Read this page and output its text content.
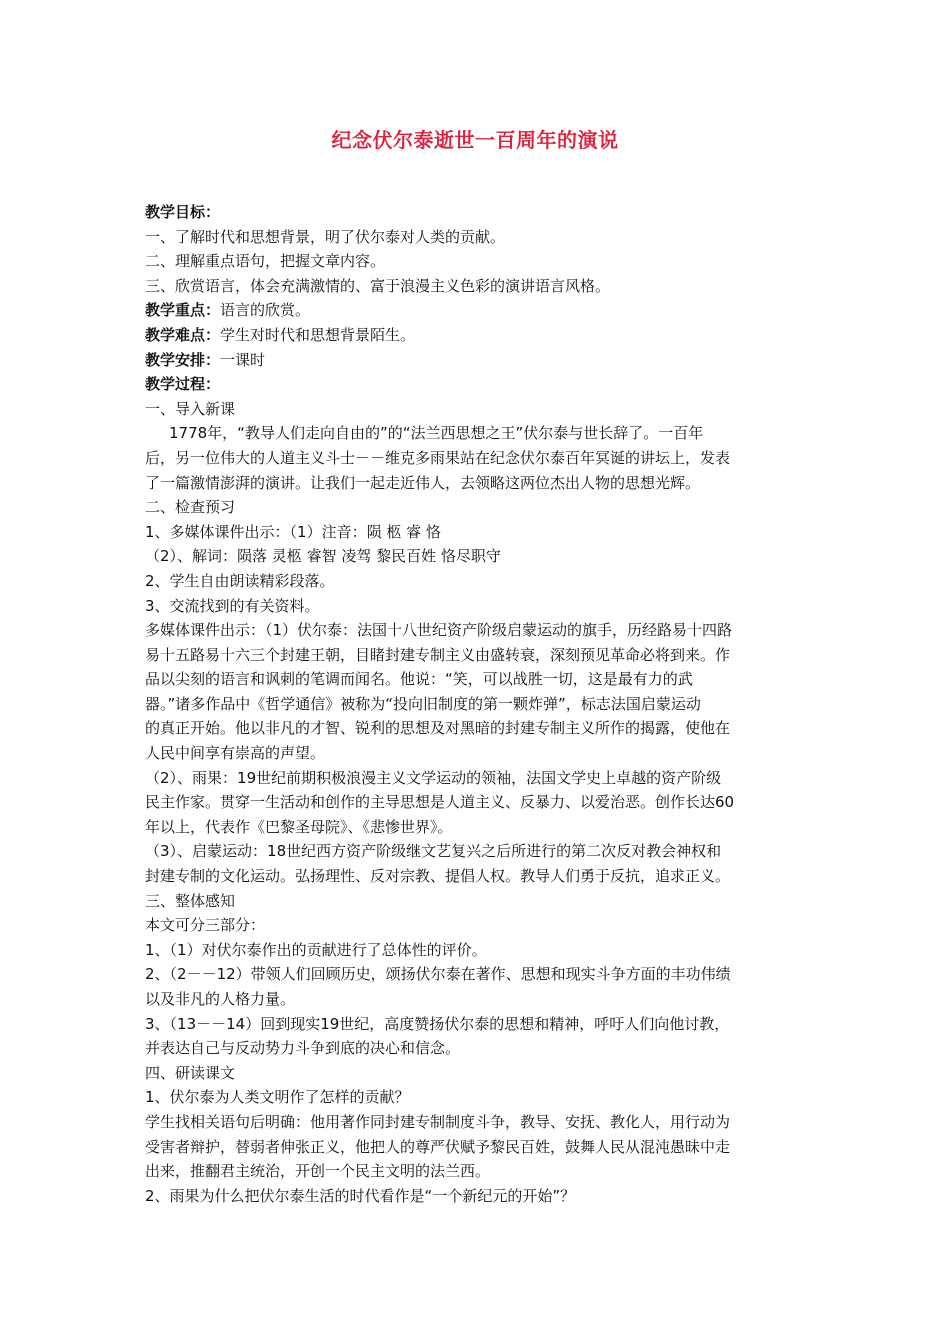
纪念伏尔泰逝世一百周年的演说

教学目标：

一、了解时代和思想背景，明了伏尔泰对人类的贡献。

二、理解重点语句，把握文章内容。

三、欣赏语言，体会充满激情的、富于浪漫主义色彩的演讲语言风格。

教学重点：语言的欣赏。

教学难点：学生对时代和思想背景陌生。

教学安排：一课时

教学过程：

一、导入新课

1778年，“教导人们走向自由的”的“法兰西思想之王”伏尔泰与世长辞了。一百年

后，另一位伟大的人道主义斗士－－维克多雨果站在纪念伏尔泰百年冥诞的讲坛上，发表

了一篇激情澎湃的演讲。让我们一起走近伟人，去领略这两位杰出人物的思想光辉。

二、检查预习

1、多媒体课件出示：（1）注音：陨 柩 睿 恪

（2）、解词：陨落 灵柩 睿智 凌驾 黎民百姓 恪尽职守

2、学生自由朗读精彩段落。

3、交流找到的有关资料。

多媒体课件出示：（1）伏尔泰：法国十八世纪资产阶级启蒙运动的旗手，历经路易十四路

易十五路易十六三个封建王朝，目睹封建专制主义由盛转衰，深刻预见革命必将到来。作

品以尖刻的语言和讽刺的笔调而闻名。他说：“笑，可以战胜一切，这是最有力的武

器。”诸多作品中《哲学通信》被称为“投向旧制度的第一颗炸弹”，标志法国启蒙运动

的真正开始。他以非凡的才智、锐利的思想及对黑暗的封建专制主义所作的揭露，使他在

人民中间享有崇高的声望。

（2）、雨果：19世纪前期积极浪漫主义文学运动的领袖，法国文学史上卓越的资产阶级

民主作家。贯穿一生活动和创作的主导思想是人道主义、反暴力、以爱治恶。创作长达60

年以上，代表作《巴黎圣母院》、《悲惨世界》。

（3）、启蒙运动：18世纪西方资产阶级继文艺复兴之后所进行的第二次反对教会神权和

封建专制的文化运动。弘扬理性、反对宗教、提倡人权。教导人们勇于反抗，追求正义。

三、整体感知

本文可分三部分：

1、（1）对伏尔泰作出的贡献进行了总体性的评价。

2、（2－－12）带领人们回顾历史，颂扬伏尔泰在著作、思想和现实斗争方面的丰功伟绩

以及非凡的人格力量。

3、（13－－14）回到现实19世纪，高度赞扬伏尔泰的思想和精神，呼吁人们向他讨教，

并表达自己与反动势力斗争到底的决心和信念。

四、研读课文

1、伏尔泰为人类文明作了怎样的贡献？

学生找相关语句后明确：他用著作同封建专制制度斗争，教导、安抚、教化人，用行动为

受害者辩护，替弱者伸张正义，他把人的尊严伏赋予黎民百姓，鼓舞人民从混沌愚昧中走

出来，推翻君主统治，开创一个民主文明的法兰西。

2、雨果为什么把伏尔泰生活的时代看作是“一个新纪元的开始”？
